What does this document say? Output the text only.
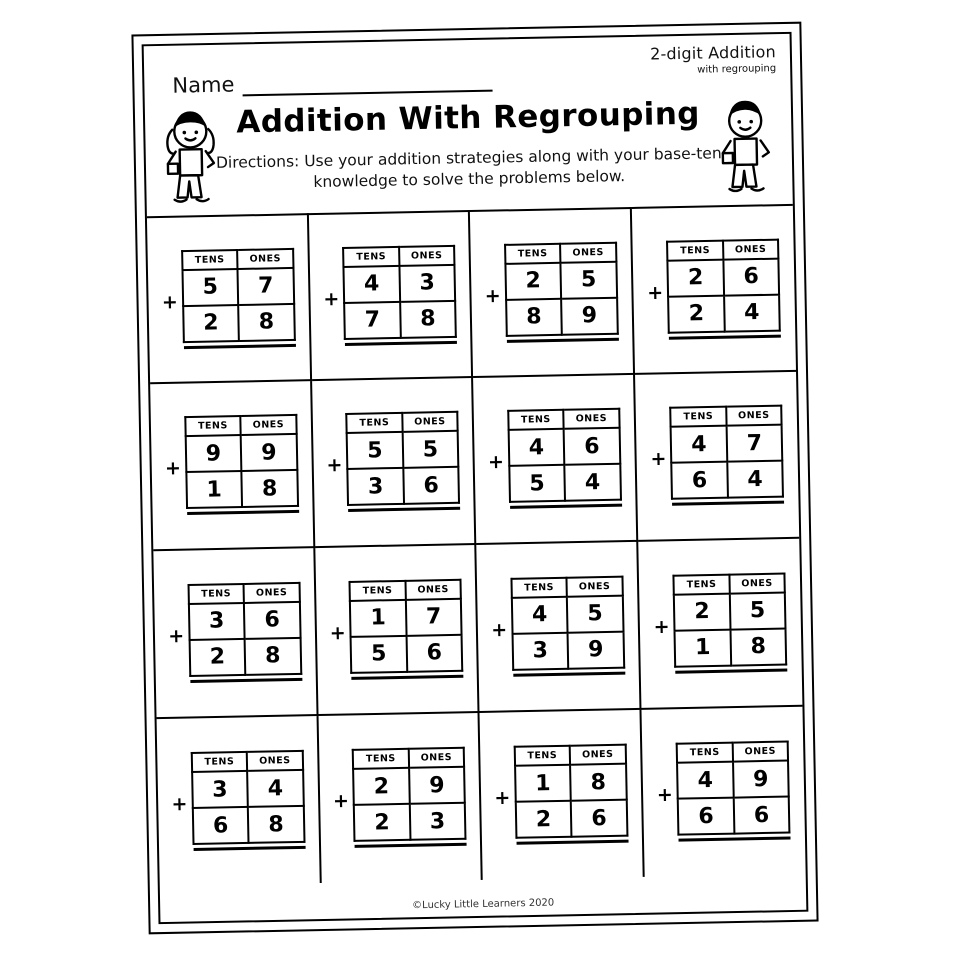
2-digit Addition
with regrouping
Name
Addition With Regrouping
Directions: Use your addition strategies along with your base-ten knowledge to solve the problems below.
+
TENS	ONES
5	7
2	8
+
TENS	ONES
4	3
7	8
+
TENS	ONES
2	5
8	9
+
TENS	ONES
2	6
2	4
+
TENS	ONES
9	9
1	8
+
TENS	ONES
5	5
3	6
+
TENS	ONES
4	6
5	4
+
TENS	ONES
4	7
6	4
+
TENS	ONES
3	6
2	8
+
TENS	ONES
1	7
5	6
+
TENS	ONES
4	5
3	9
+
TENS	ONES
2	5
1	8
+
TENS	ONES
3	4
6	8
+
TENS	ONES
2	9
2	3
+
TENS	ONES
1	8
2	6
+
TENS	ONES
4	9
6	6
©Lucky Little Learners 2020
